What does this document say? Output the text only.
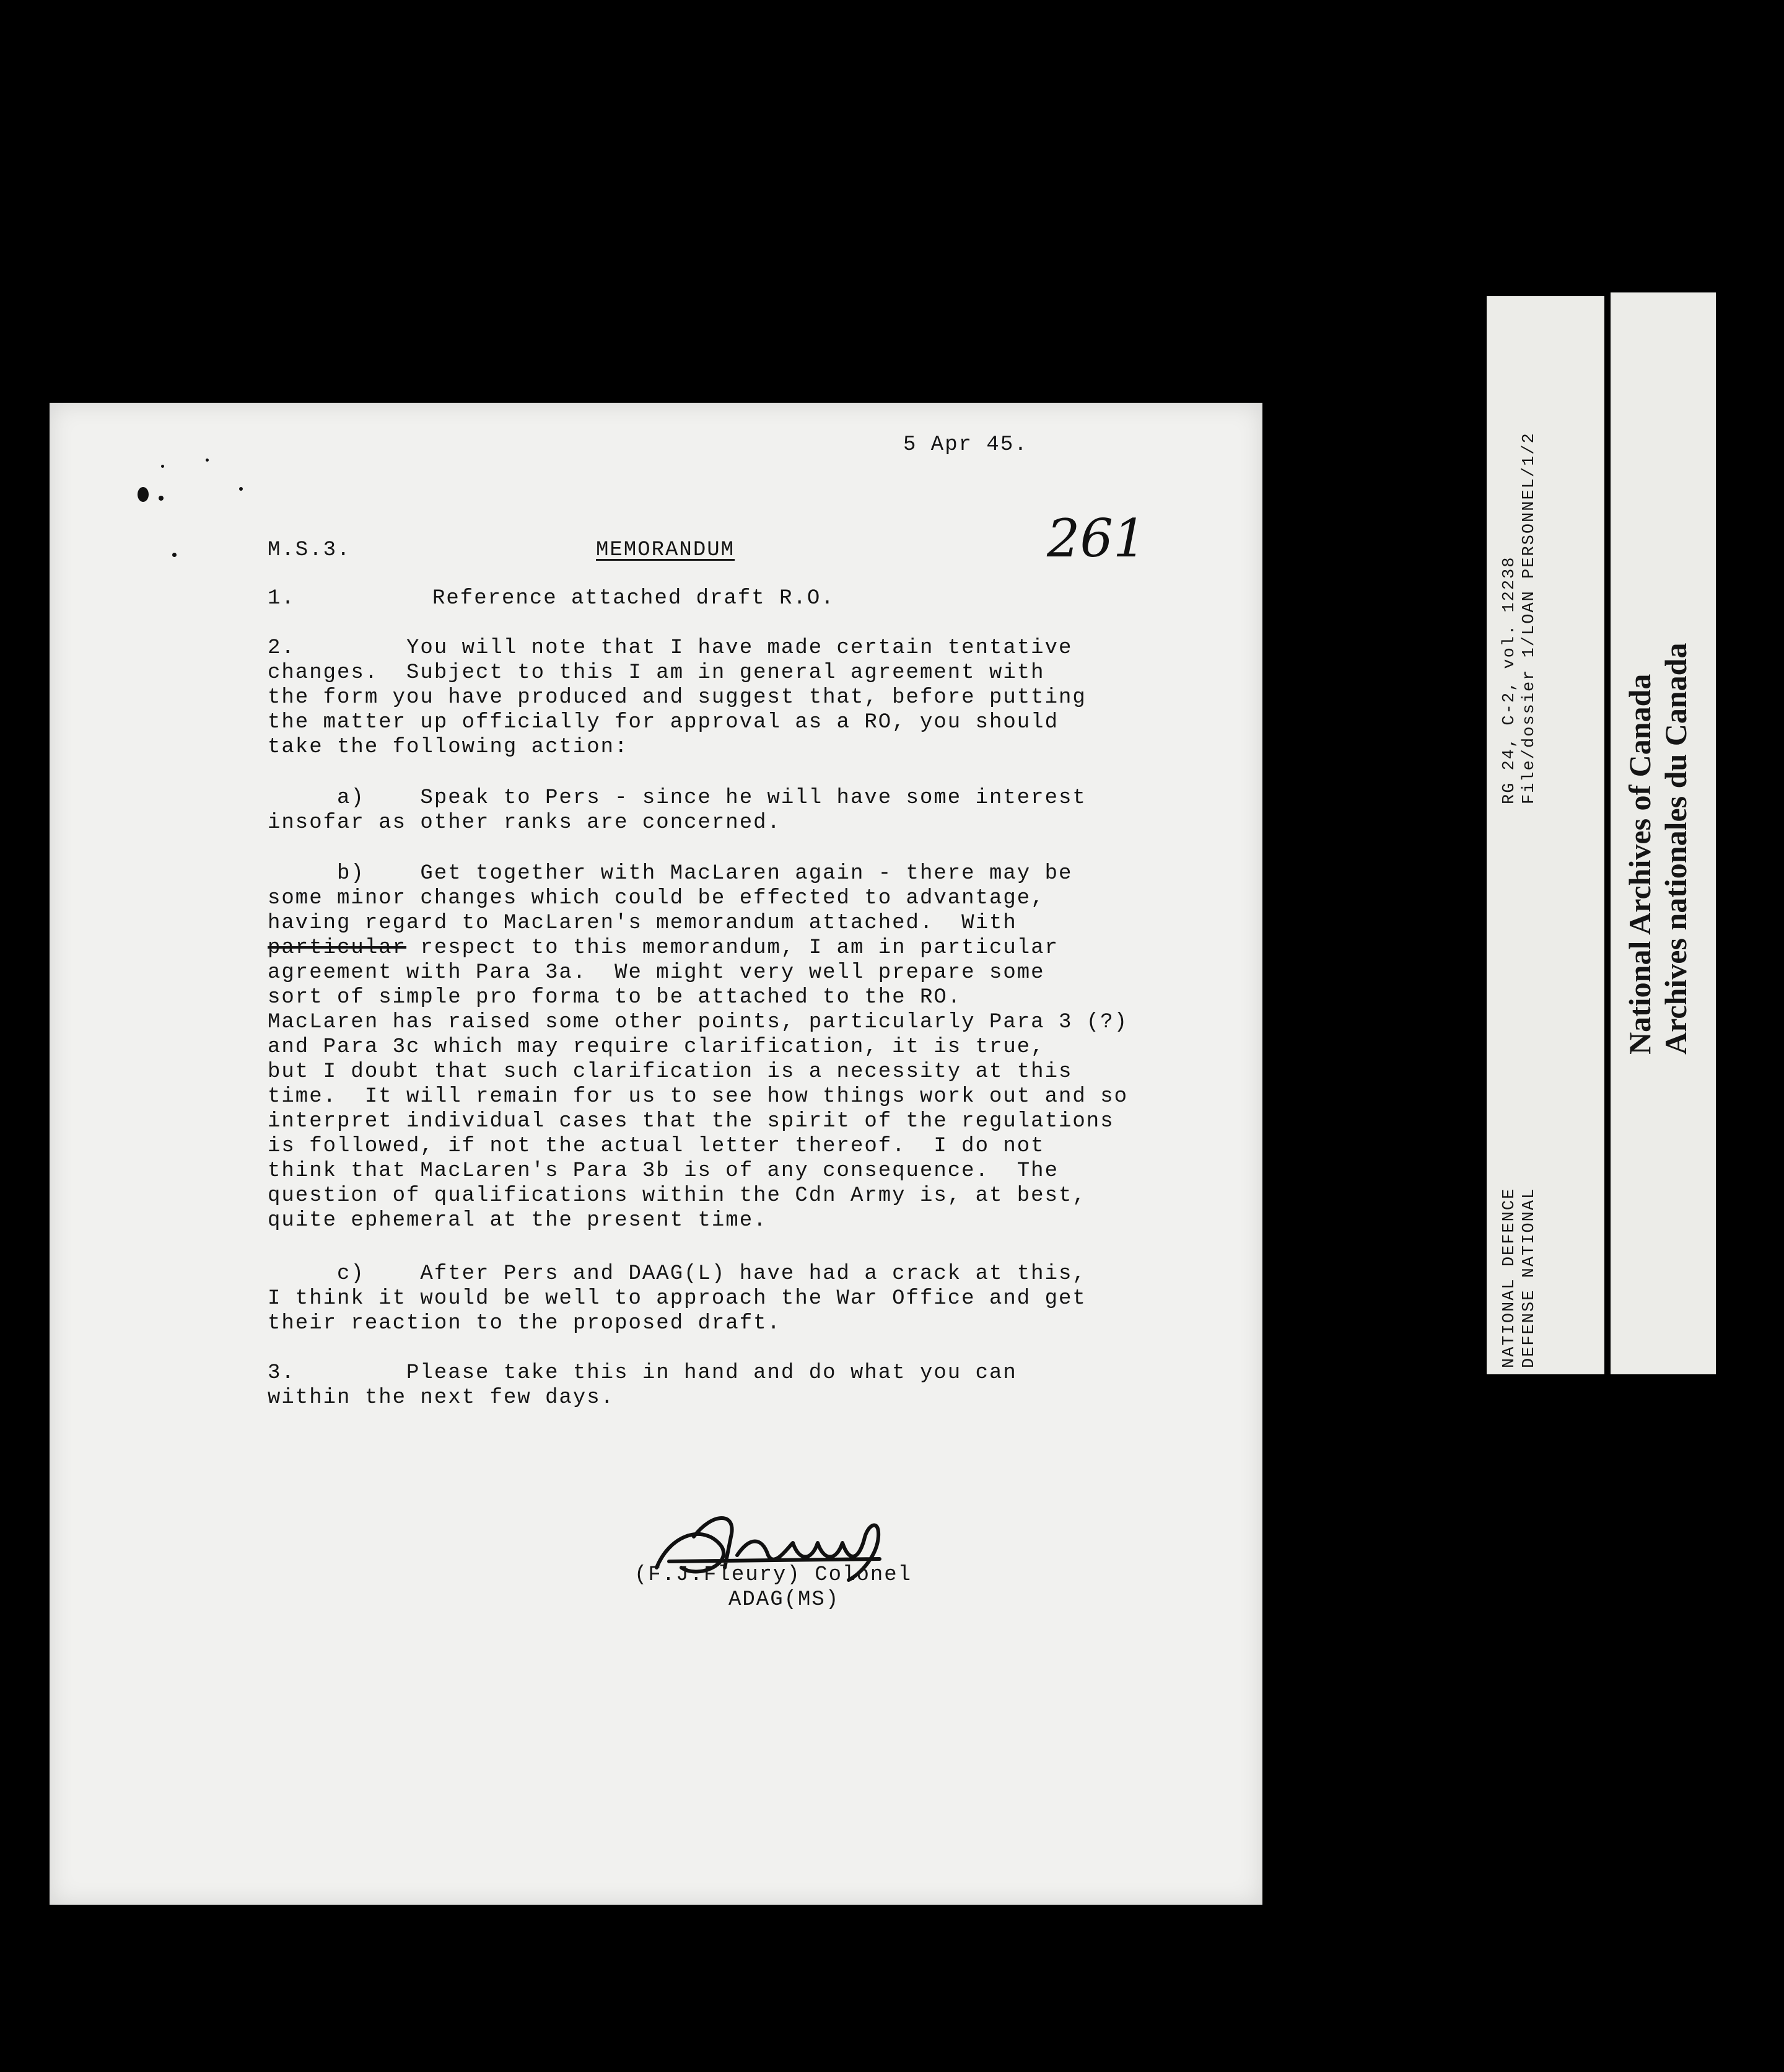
5 Apr 45.

M.S.3.	MEMORANDUM	261

1.	Reference attached draft R.O.

2.        You will note that I have made certain tentative

changes.  Subject to this I am in general agreement with

the form you have produced and suggest that, before putting

the matter up officially for approval as a RO, you should

take the following action:

a)    Speak to Pers - since he will have some interest

insofar as other ranks are concerned.

b)    Get together with MacLaren again - there may be

some minor changes which could be effected to advantage,

having regard to MacLaren's memorandum attached.  With

particular respect to this memorandum, I am in particular

agreement with Para 3a.  We might very well prepare some

sort of simple pro forma to be attached to the RO.

MacLaren has raised some other points, particularly Para 3 (?)

and Para 3c which may require clarification, it is true,

but I doubt that such clarification is a necessity at this

time.  It will remain for us to see how things work out and so

interpret individual cases that the spirit of the regulations

is followed, if not the actual letter thereof.  I do not

think that MacLaren's Para 3b is of any consequence.  The

question of qualifications within the Cdn Army is, at best,

quite ephemeral at the present time.

c)    After Pers and DAAG(L) have had a crack at this,

I think it would be well to approach the War Office and get

their reaction to the proposed draft.

3.        Please take this in hand and do what you can

within the next few days.

(F.J.Fleury) Colonel

ADAG(MS)

RG 24, C-2, vol. 12238 File/dossier 1/LOAN PERSONNEL/1/2
NATIONAL DEFENCE DEFENSE NATIONAL
National Archives of Canada Archives nationales du Canada
